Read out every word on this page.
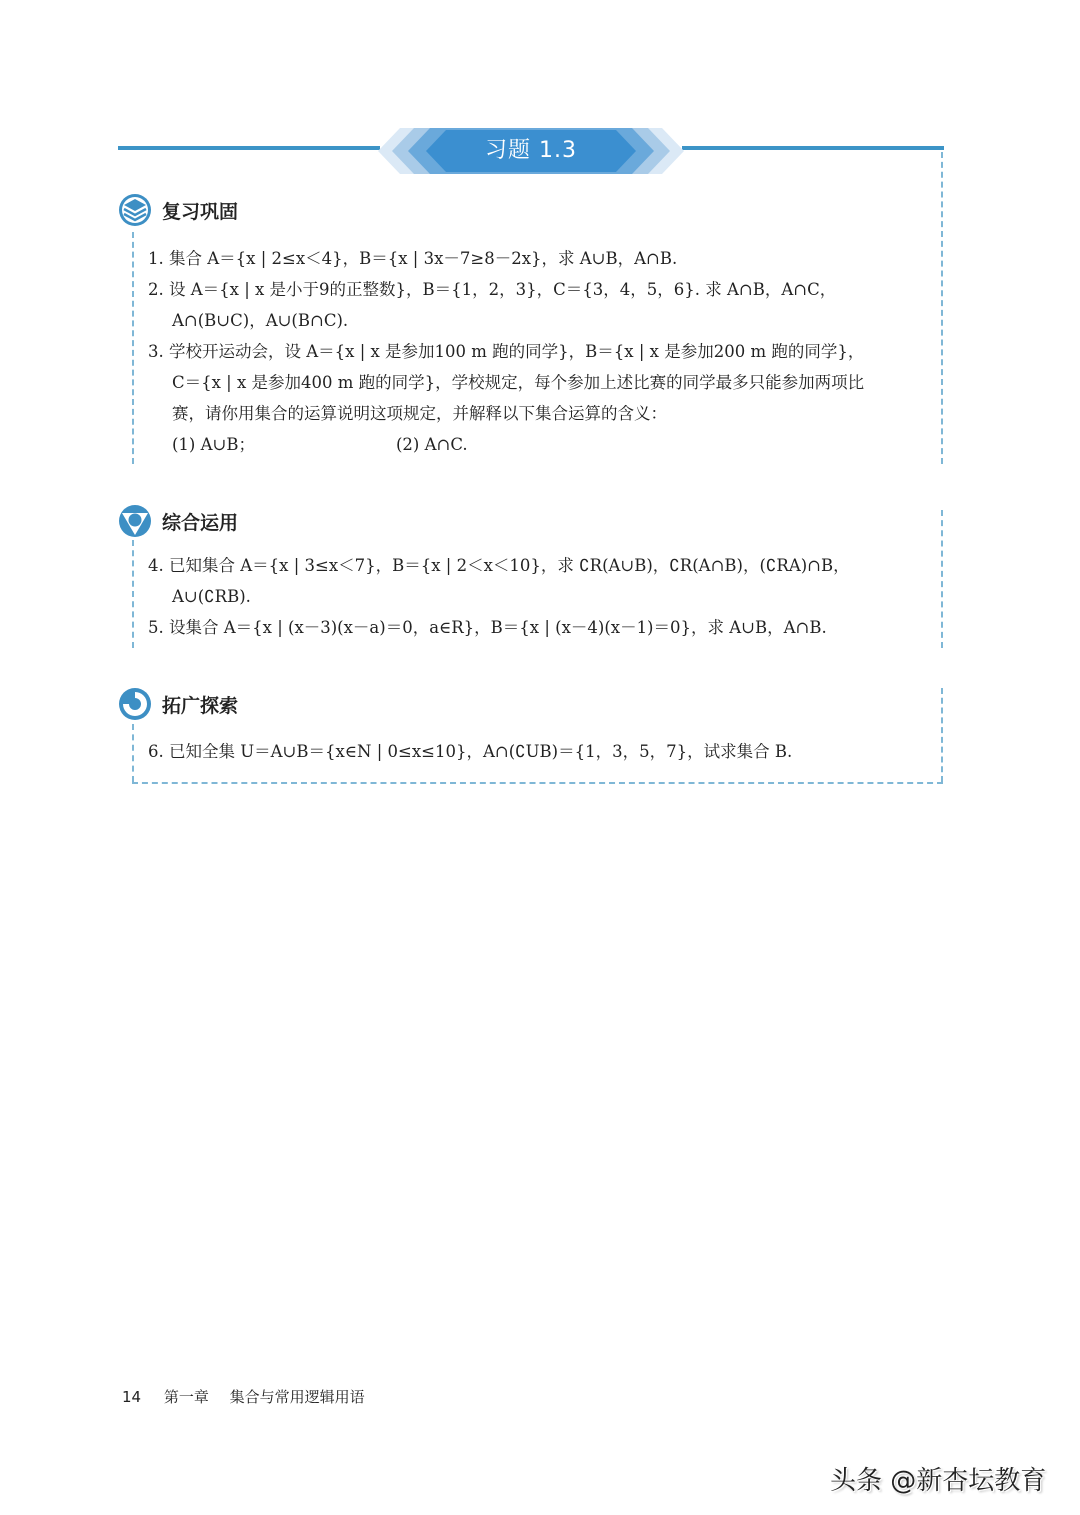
习题 1.3
复习巩固
1. 集合 A＝{x | 2≤x＜4}，B＝{x | 3x－7≥8－2x}，求 A∪B，A∩B.
2. 设 A＝{x | x 是小于9的正整数}，B＝{1，2，3}，C＝{3，4，5，6}. 求 A∩B，A∩C，
A∩(B∪C)，A∪(B∩C).
3. 学校开运动会，设 A＝{x | x 是参加100 m 跑的同学}，B＝{x | x 是参加200 m 跑的同学}，
C＝{x | x 是参加400 m 跑的同学}，学校规定，每个参加上述比赛的同学最多只能参加两项比
赛，请你用集合的运算说明这项规定，并解释以下集合运算的含义：
(1) A∪B；	(2) A∩C.
综合运用
4. 已知集合 A＝{x | 3≤x＜7}，B＝{x | 2＜x＜10}，求 ∁R(A∪B)，∁R(A∩B)，(∁RA)∩B，
A∪(∁RB).
5. 设集合 A＝{x | (x－3)(x－a)＝0，a∈R}，B＝{x | (x－4)(x－1)＝0}，求 A∪B，A∩B.
拓广探索
6. 已知全集 U＝A∪B＝{x∈N | 0≤x≤10}，A∩(∁UB)＝{1，3，5，7}，试求集合 B.
14 第一章 集合与常用逻辑用语
头条 @新杏坛教育
